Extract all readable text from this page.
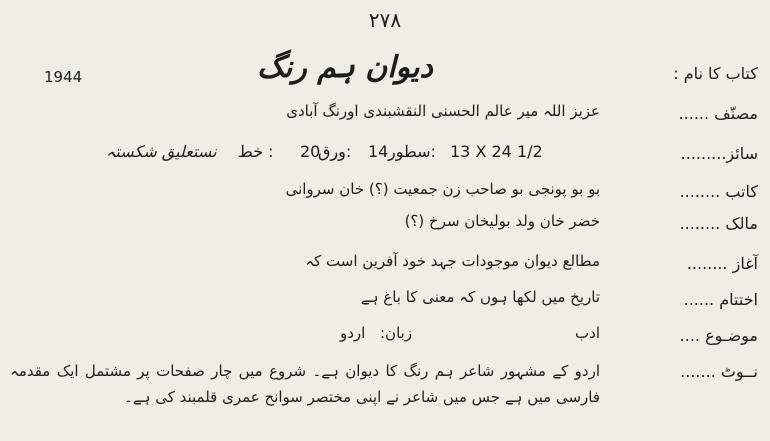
۲۷۸
1944	کتاب کا نام :
دیوان ہم رنگ
مصنّف ......
عزیز اللہ میر عالم الحسنی النقشبندی اورنگ آبادی
سائز.........
13 X 24 1/2
سطور:
14
ورق:
20
خط :
نستعلیق شکستہ
کاتب ........
بو بو پونجی بو صاحب زن جمعیت (؟) خان سروانی
مالک ........
خضر خان ولد بولیخان سرخ (؟)
آغاز ........
مطالع دیوان موجودات جہد خود آفرین است کہ
اختتام ......
تاریخ میں لکھا ہوں کہ معنی کا باغ ہے
موضـوع ....
ادب
زبان:
اردو
نــوٹ .......
اردو کے مشہور شاعر ہم رنگ کا دیوان ہے۔ شروع میں چار صفحات پر مشتمل ایک مقدمہ فارسی میں ہے جس میں شاعر نے اپنی مختصر سوانح عمری قلمبند کی ہے۔
